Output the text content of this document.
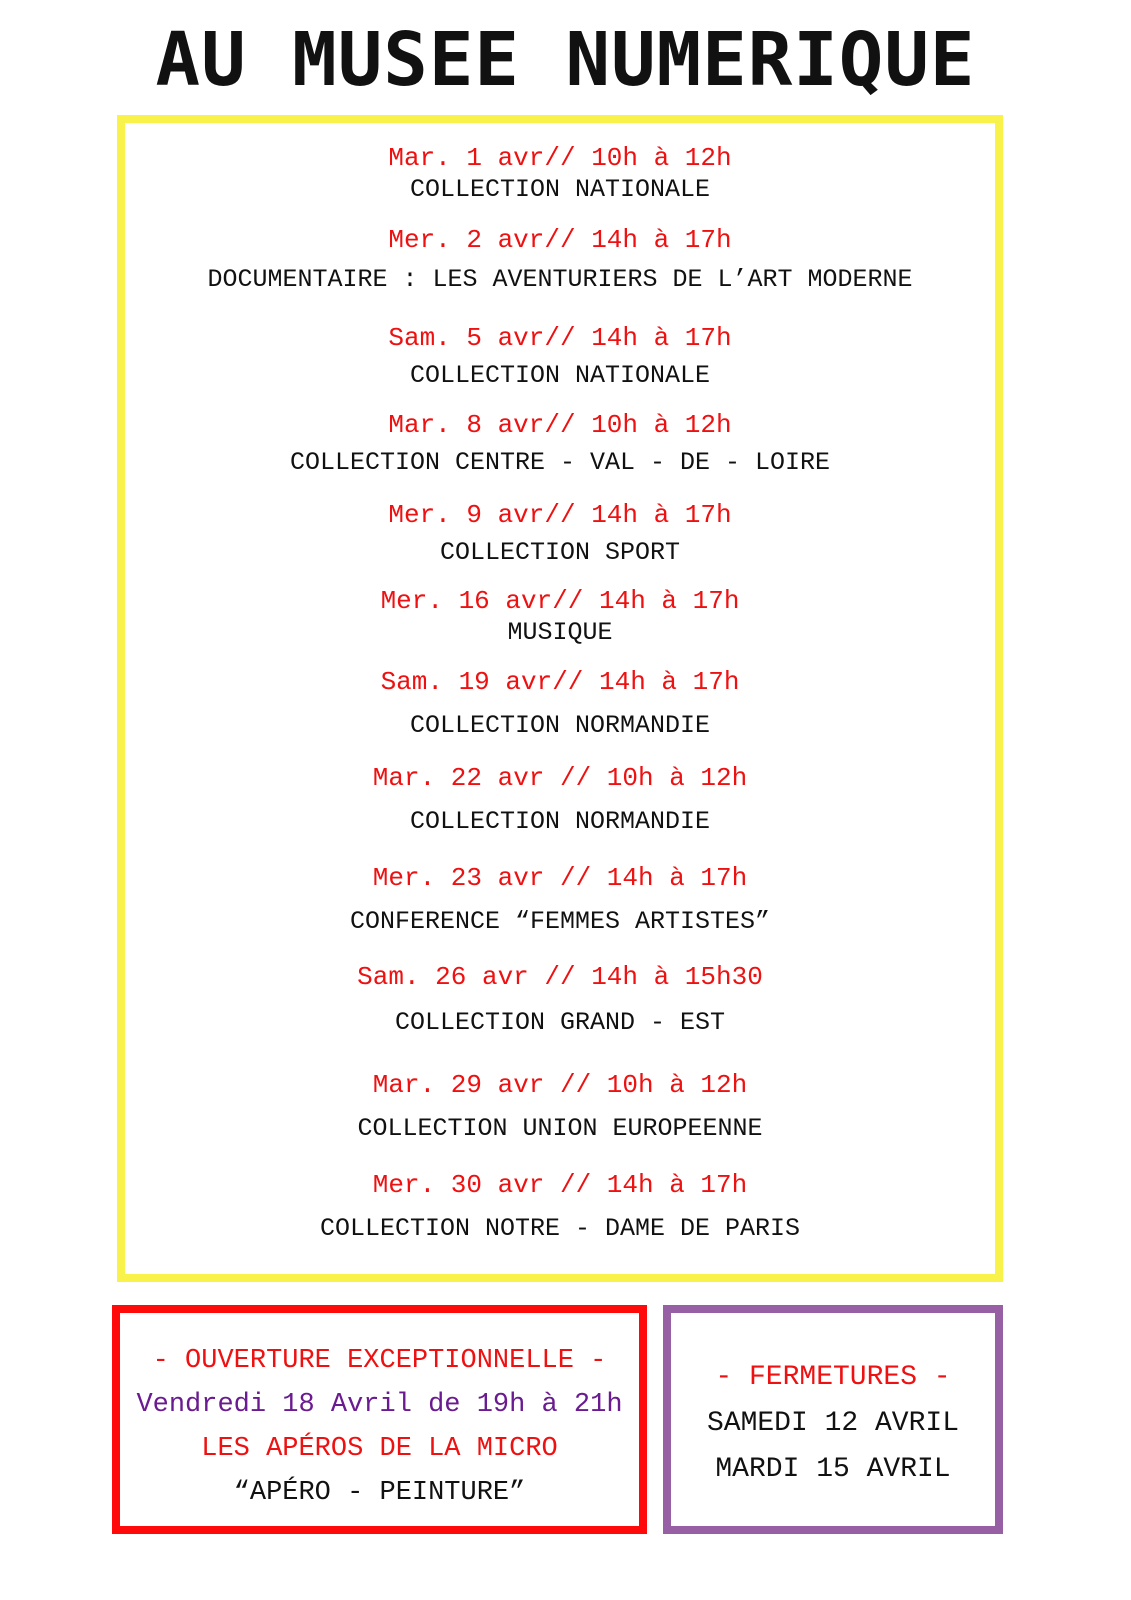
AU MUSEE NUMERIQUE
Mar. 1 avr// 10h à 12h
COLLECTION NATIONALE
Mer. 2 avr// 14h à 17h
DOCUMENTAIRE : LES AVENTURIERS DE L’ART MODERNE
Sam. 5 avr// 14h à 17h
COLLECTION NATIONALE
Mar. 8 avr// 10h à 12h
COLLECTION CENTRE - VAL - DE - LOIRE
Mer. 9 avr// 14h à 17h
COLLECTION SPORT
Mer. 16 avr// 14h à 17h
MUSIQUE
Sam. 19 avr// 14h à 17h
COLLECTION NORMANDIE
Mar. 22 avr // 10h à 12h
COLLECTION NORMANDIE
Mer. 23 avr // 14h à 17h
CONFERENCE “FEMMES ARTISTES”
Sam. 26 avr // 14h à 15h30
COLLECTION GRAND - EST
Mar. 29 avr // 10h à 12h
COLLECTION UNION EUROPEENNE
Mer. 30 avr // 14h à 17h
COLLECTION NOTRE - DAME DE PARIS
- OUVERTURE EXCEPTIONNELLE -
Vendredi 18 Avril de 19h à 21h
LES APÉROS DE LA MICRO
“APÉRO - PEINTURE”
- FERMETURES -
SAMEDI 12 AVRIL
MARDI 15 AVRIL
